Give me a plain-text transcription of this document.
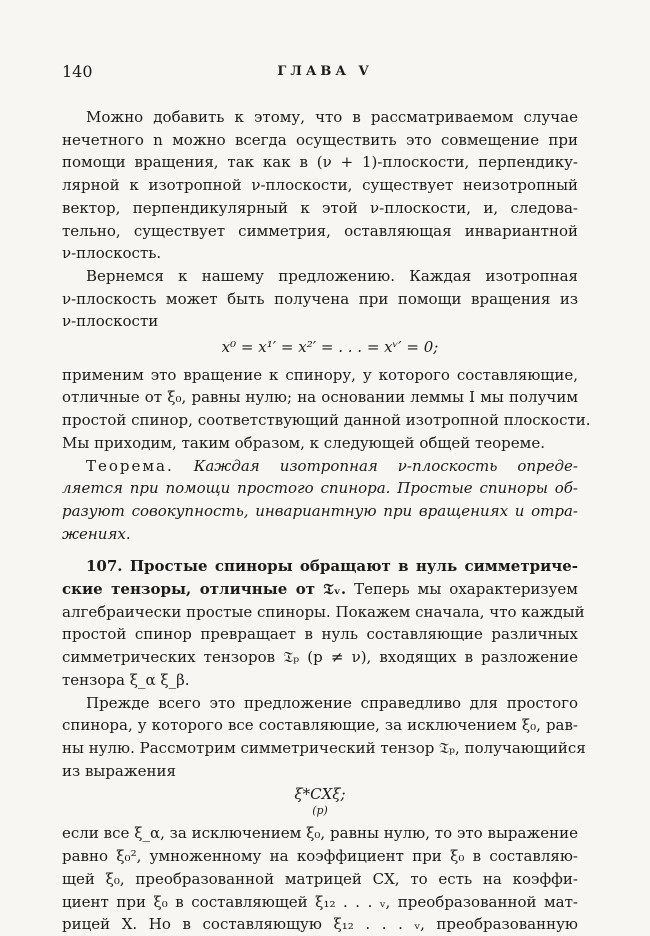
140	ГЛАВА V
Можно добавить к этому, что в рассматриваемом случае
нечетного n можно всегда осуществить это совмещение при
помощи вращения, так как в (ν + 1)-плоскости, перпендику-
лярной к изотропной ν-плоскости, существует неизотропный
вектор, перпендикулярный к этой ν-плоскости, и, следова-
тельно, существует симметрия, оставляющая инвариантной
ν-плоскость.
Вернемся к нашему предложению. Каждая изотропная
ν-плоскость может быть получена при помощи вращения из
ν-плоскости
x⁰ = x¹′ = x²′ = . . . = xᵛ′ = 0;
применим это вращение к спинору, у которого составляющие,
отличные от ξ₀, равны нулю; на основании леммы I мы получим
простой спинор, соответствующий данной изотропной плоскости.
Мы приходим, таким образом, к следующей общей теореме.
Теорема. Каждая изотропная ν-плоскость опреде-
ляется при помощи простого спинора. Простые спиноры об-
разуют совокупность, инвариантную при вращениях и отра-
жениях.
107. Простые спиноры обращают в нуль симметриче-
ские тензоры, отличные от 𝔗ᵥ. Теперь мы охарактеризуем
алгебраически простые спиноры. Покажем сначала, что каждый
простой спинор превращает в нуль составляющие различных
симметрических тензоров 𝔗ₚ (p ≠ ν), входящих в разложение
тензора ξ_α ξ_β.
Прежде всего это предложение справедливо для простого
спинора, у которого все составляющие, за исключением ξ₀, рав-
ны нулю. Рассмотрим симметрический тензор 𝔗ₚ, получающийся
из выражения
ξ*CXξ;
(p)
если все ξ_α, за исключением ξ₀, равны нулю, то это выражение
равно ξ₀², умноженному на коэффициент при ξ₀ в составляю-
щей ξ₀, преобразованной матрицей CX, то есть на коэффи-
циент при ξ₀ в составляющей ξ₁₂ . . . ᵥ, преобразованной мат-
рицей X. Но в составляющую ξ₁₂ . . . ᵥ, преобразованную
